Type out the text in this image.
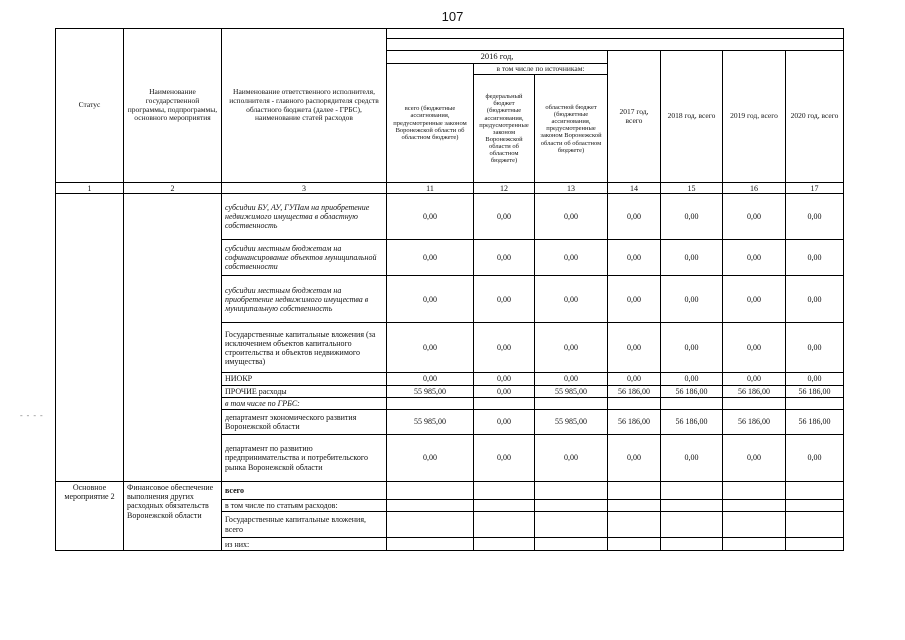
107
Статус	Наименование государственной программы, подпрограммы, основного мероприятия	Наименование ответственного исполнителя, исполнителя - главного распорядителя средств областного бюджета (далее - ГРБС), наименование статей расходов							

			2016 год,			2017 год, всего	2018 год, всего	2019 год, всего	2020 год, всего
			всего (бюджетные ассигнования, предусмотренные законом Воронежской области об областном бюджете)	в том числе по источникам:					
				федеральный бюджет (бюджетные ассигнования, предусмотренные законом Воронежской области об областном бюджете)	областной бюджет (бюджетные ассигнования, предусмотренные законом Воронежской области об областном бюджете)				
1	2	3	11	12	13	14	15	16	17
		субсидии БУ, АУ, ГУПам на приобретение недвижимого имущества в областную собственность	0,00	0,00	0,00	0,00	0,00	0,00	0,00
		субсидии местным бюджетам на софинансирование объектов муниципальной собственности	0,00	0,00	0,00	0,00	0,00	0,00	0,00
		субсидии местным бюджетам на приобретение недвижимого имущества в муниципальную собственность	0,00	0,00	0,00	0,00	0,00	0,00	0,00
		Государственные капитальные вложения (за исключением объектов капитального строительства и объектов недвижимого имущества)	0,00	0,00	0,00	0,00	0,00	0,00	0,00
		НИОКР	0,00	0,00	0,00	0,00	0,00	0,00	0,00
		ПРОЧИЕ расходы	55 985,00	0,00	55 985,00	56 186,00	56 186,00	56 186,00	56 186,00
		в том числе по ГРБС:							
		департамент экономического развития Воронежской области	55 985,00	0,00	55 985,00	56 186,00	56 186,00	56 186,00	56 186,00
		департамент по развитию предпринимательства и потребительского рынка Воронежской области	0,00	0,00	0,00	0,00	0,00	0,00	0,00
Основное мероприятие 2	Финансовое обеспечение выполнения других расходных обязательств Воронежской области	всего							
		в том числе по статьям расходов:							
		Государственные капитальные вложения, всего							
		из них:							
- - - -
